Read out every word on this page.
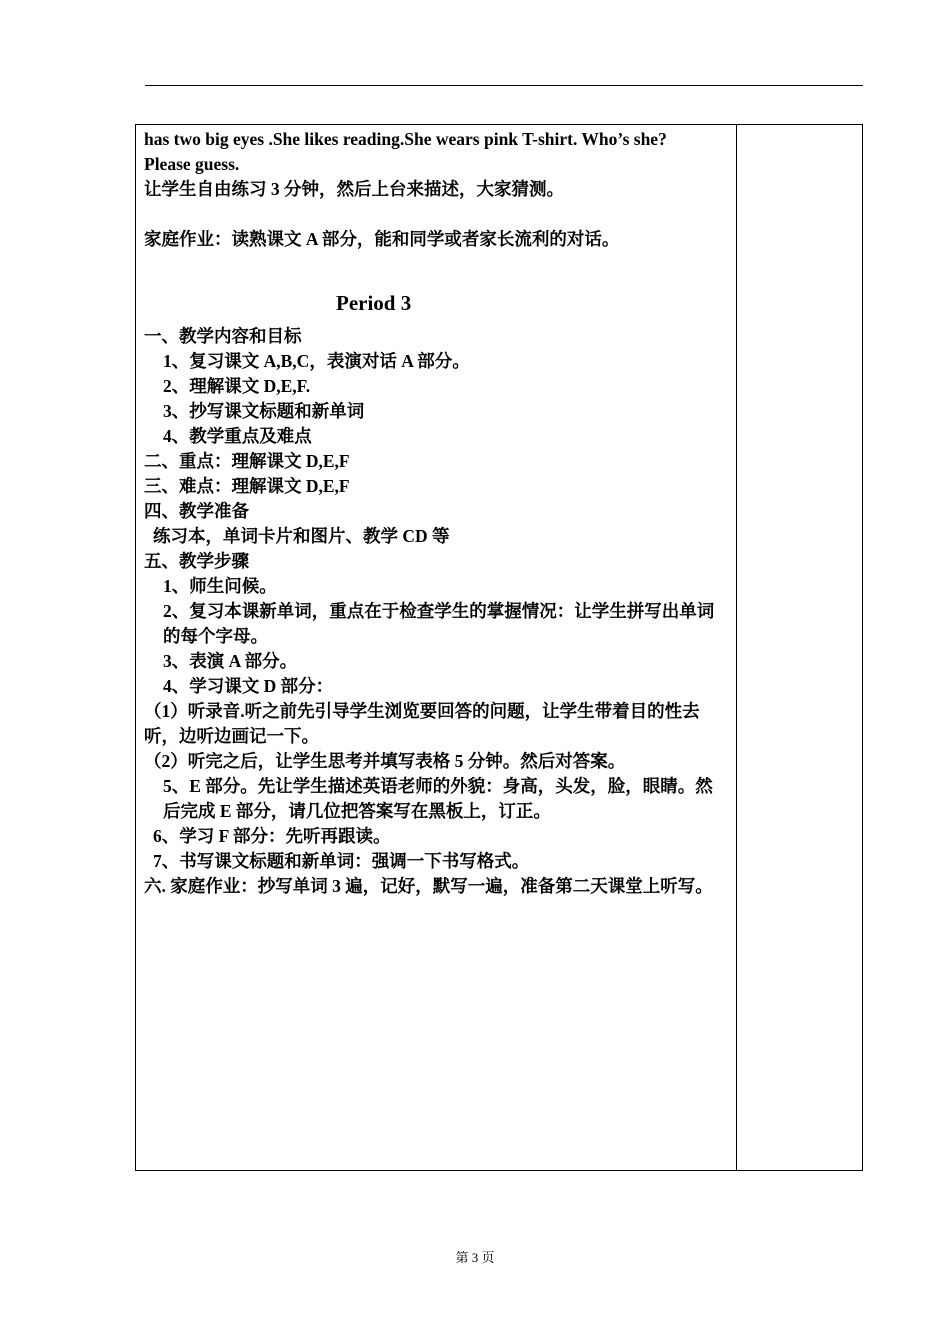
has two big eyes .She likes reading.She wears pink T-shirt. Who’s she?
Please guess.
让学生自由练习 3 分钟，然后上台来描述，大家猜测。
家庭作业：读熟课文 A 部分，能和同学或者家长流利的对话。
Period 3
一、教学内容和目标
1、复习课文 A,B,C，表演对话 A 部分。
2、理解课文 D,E,F.
3、抄写课文标题和新单词
4、教学重点及难点
二、重点：理解课文 D,E,F
三、难点：理解课文 D,E,F
四、教学准备
练习本，单词卡片和图片、教学 CD 等
五、教学步骤
1、师生问候。
2、复习本课新单词，重点在于检查学生的掌握情况：让学生拼写出单词的每个字母。
3、表演 A 部分。
4、学习课文 D 部分：
（1）听录音.听之前先引导学生浏览要回答的问题，让学生带着目的性去听，边听边画记一下。
（2）听完之后，让学生思考并填写表格 5 分钟。然后对答案。
5、E 部分。先让学生描述英语老师的外貌：身高，头发，脸，眼睛。然后完成 E 部分，请几位把答案写在黑板上，订正。
6、学习 F 部分：先听再跟读。
7、书写课文标题和新单词：强调一下书写格式。
六. 家庭作业：抄写单词 3 遍，记好，默写一遍，准备第二天课堂上听写。
第 3 页
